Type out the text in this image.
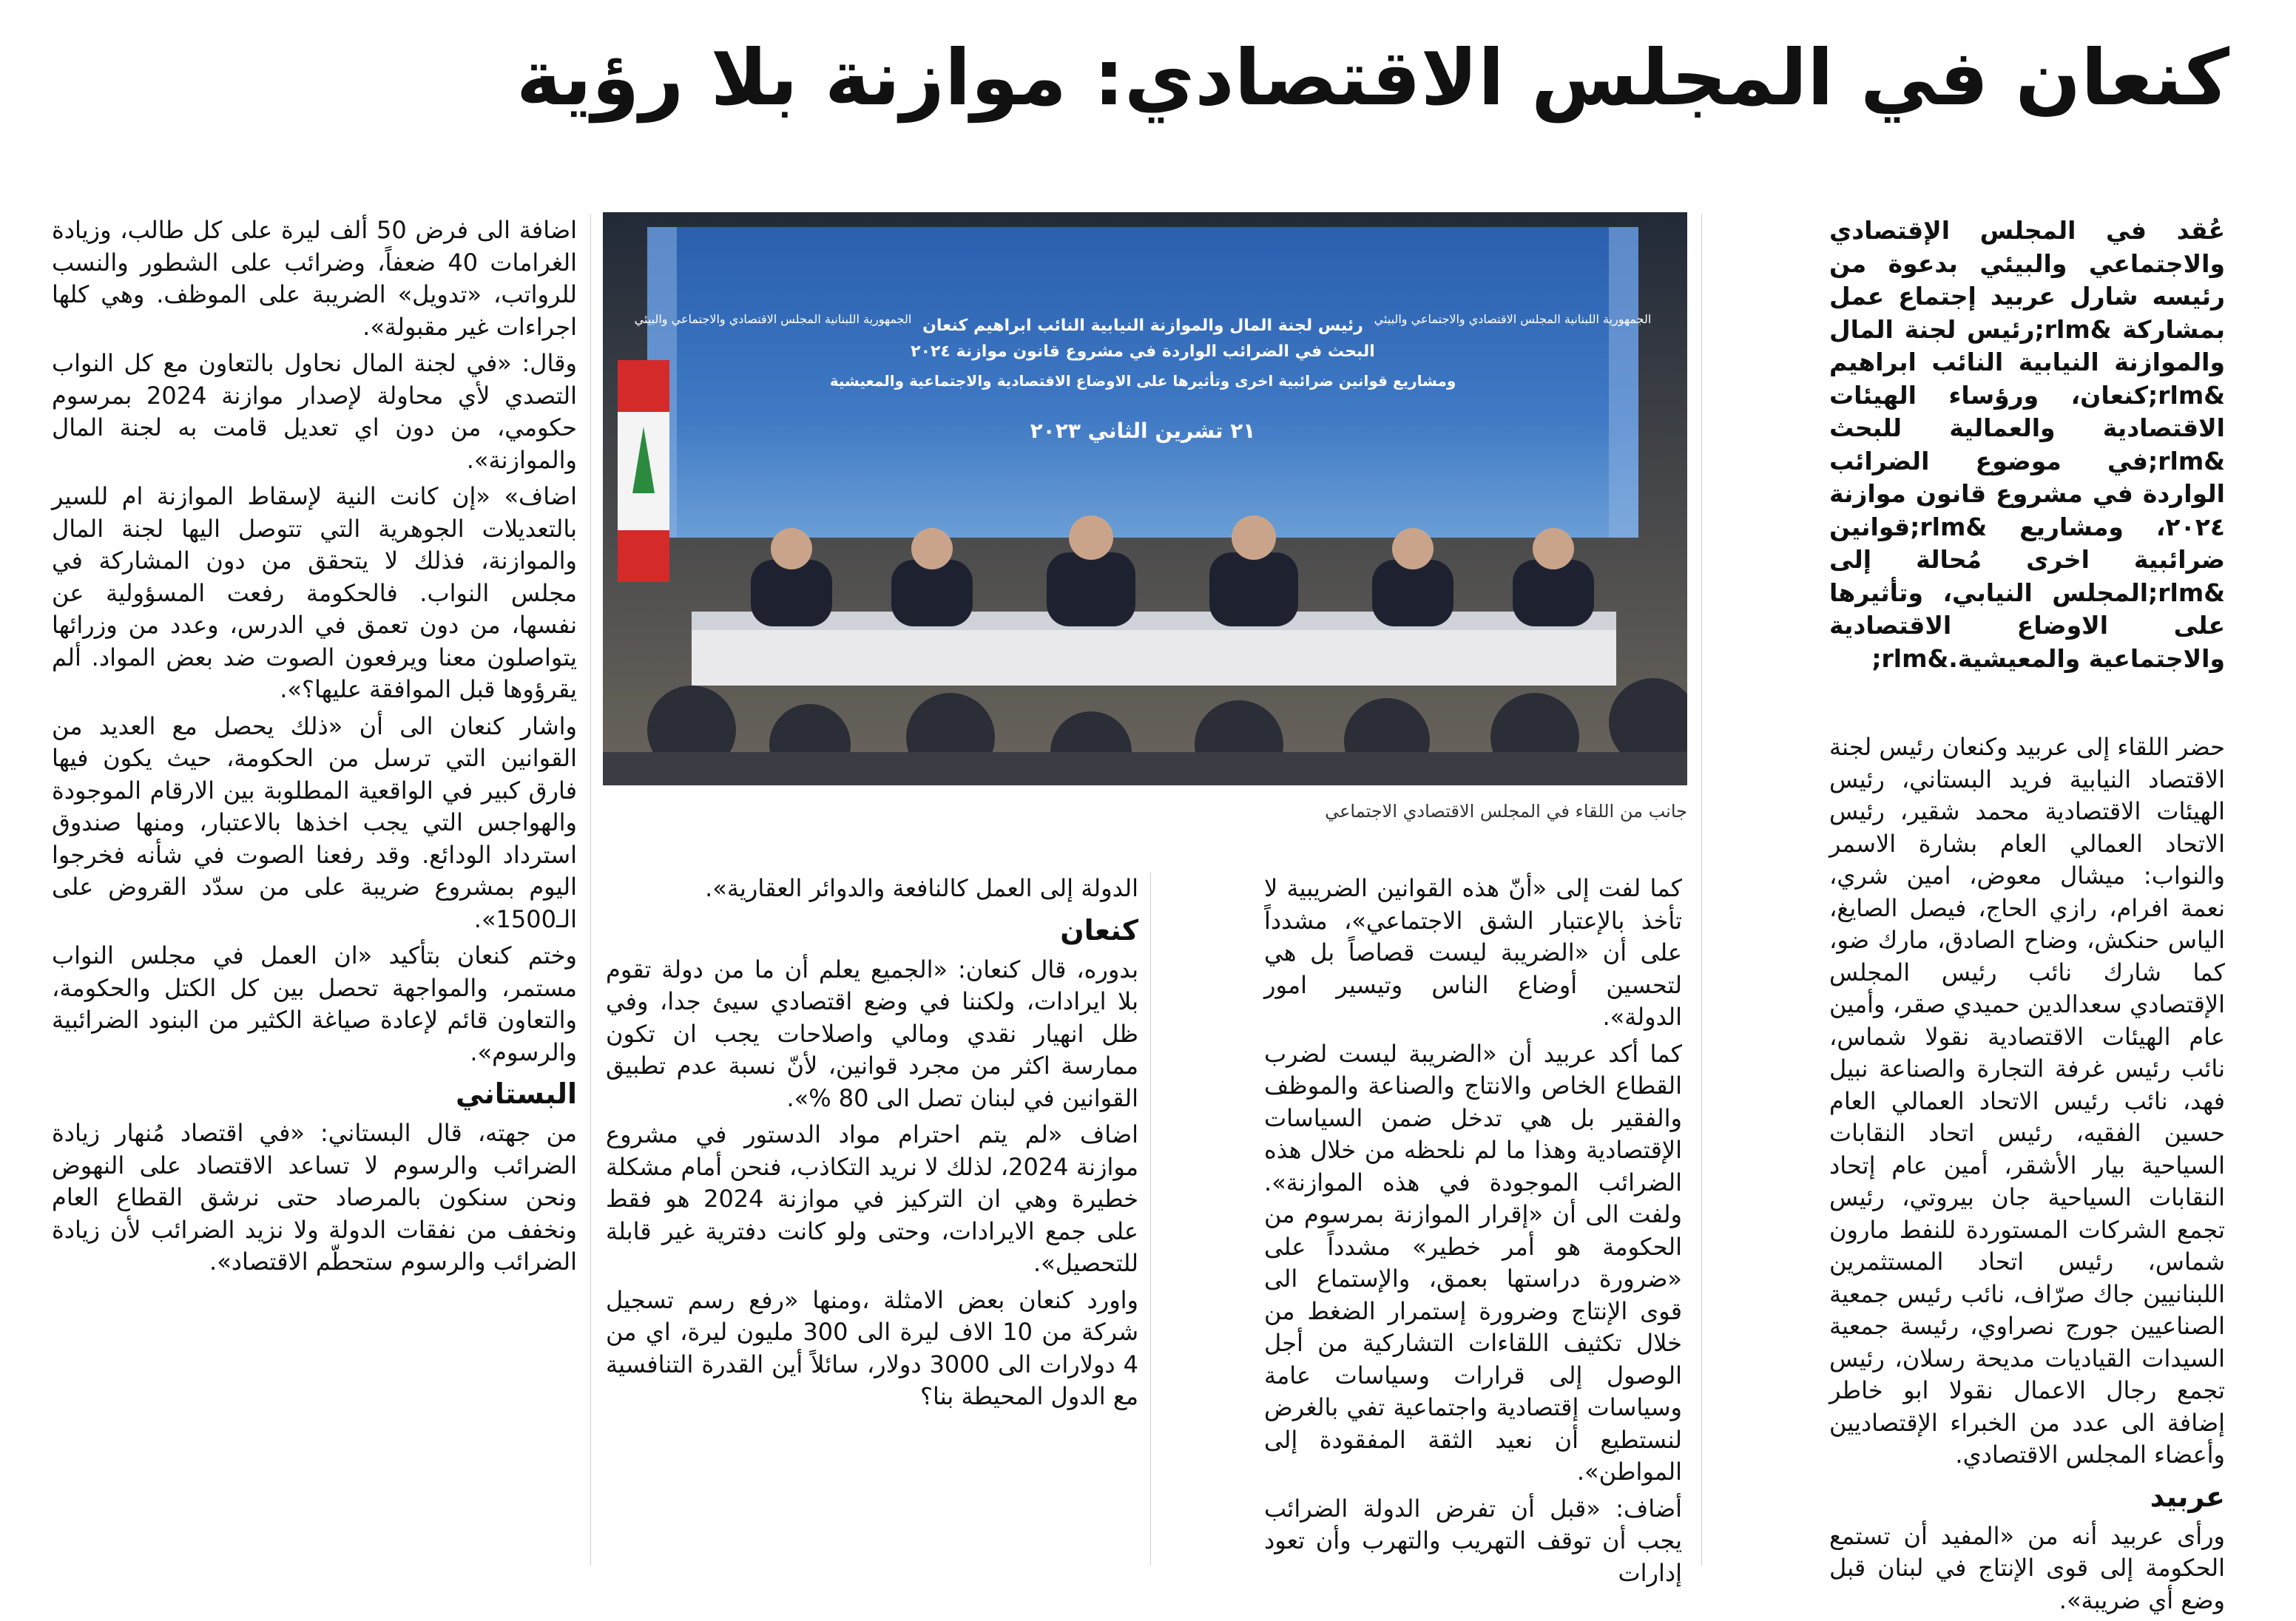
كنعان في المجلس الاقتصادي: موازنة بلا رؤية

عُقد في المجلس الإقتصادي والاجتماعي والبيئي بدعوة من رئيسه شارل عربيد إجتماع عمل بمشاركة &rlm;رئيس لجنة المال والموازنة النيابية النائب ابراهيم &rlm;كنعان، ورؤساء الهيئات الاقتصادية والعمالية للبحث &rlm;في موضوع الضرائب الواردة في مشروع قانون موازنة ٢٠٢٤، ومشاريع &rlm;قوانين ضرائبية اخرى مُحالة إلى &rlm;المجلس النيابي، وتأثيرها على الاوضاع الاقتصادية والاجتماعية والمعيشية.&rlm;

حضر اللقاء إلى عربيد وكنعان رئيس لجنة الاقتصاد النيابية فريد البستاني، رئيس الهيئات الاقتصادية محمد شقير، رئيس الاتحاد العمالي العام بشارة الاسمر والنواب: ميشال معوض، امين شري، نعمة افرام، رازي الحاج، فيصل الصايغ، الياس حنكش، وضاح الصادق، مارك ضو، كما شارك نائب رئيس المجلس الإقتصادي سعدالدين حميدي صقر، وأمين عام الهيئات الاقتصادية نقولا شماس، نائب رئيس غرفة التجارة والصناعة نبيل فهد، نائب رئيس الاتحاد العمالي العام حسين الفقيه، رئيس اتحاد النقابات السياحية بيار الأشقر، أمين عام إتحاد النقابات السياحية جان بيروتي، رئيس تجمع الشركات المستوردة للنفط مارون شماس، رئيس اتحاد المستثمرين اللبنانيين جاك صرّاف، نائب رئيس جمعية الصناعيين جورج نصراوي، رئيسة جمعية السيدات القياديات مديحة رسلان، رئيس تجمع رجال الاعمال نقولا ابو خاطر إضافة الى عدد من الخبراء الإقتصاديين وأعضاء المجلس الاقتصادي.

عربيد

ورأى عربيد أنه من «المفيد أن تستمع الحكومة إلى قوى الإنتاج في لبنان قبل وضع أي ضريبة».

رئيس لجنة المال والموازنة النيابية النائب ابراهيم كنعان
البحث في الضرائب الواردة في مشروع قانون موازنة ٢٠٢٤
ومشاريع قوانين ضرائبية اخرى وتأثيرها على الاوضاع الاقتصادية والاجتماعية والمعيشية
٢١ تشرين الثاني ٢٠٢٣
الجمهورية اللبنانية المجلس الاقتصادي والاجتماعي والبيئي
الجمهورية اللبنانية المجلس الاقتصادي والاجتماعي والبيئي
جانب من اللقاء في المجلس الاقتصادي الاجتماعي

كما لفت إلى «أنّ هذه القوانين الضريبية لا تأخذ بالإعتبار الشق الاجتماعي»، مشدداً على أن «الضريبة ليست قصاصاً بل هي لتحسين أوضاع الناس وتيسير امور الدولة».

كما أكد عربيد أن «الضريبة ليست لضرب القطاع الخاص والانتاج والصناعة والموظف والفقير بل هي تدخل ضمن السياسات الإقتصادية وهذا ما لم نلحظه من خلال هذه الضرائب الموجودة في هذه الموازنة». ولفت الى أن «إقرار الموازنة بمرسوم من الحكومة هو أمر خطير» مشدداً على «ضرورة دراستها بعمق، والإستماع الى قوى الإنتاج وضرورة إستمرار الضغط من خلال تكثيف اللقاءات التشاركية من أجل الوصول إلى قرارات وسياسات عامة وسياسات إقتصادية واجتماعية تفي بالغرض لنستطيع أن نعيد الثقة المفقودة إلى المواطن».

أضاف: «قبل أن تفرض الدولة الضرائب يجب أن توقف التهريب والتهرب وأن تعود إدارات

الدولة إلى العمل كالنافعة والدوائر العقارية».

كنعان

بدوره، قال كنعان: «الجميع يعلم أن ما من دولة تقوم بلا ايرادات، ولكننا في وضع اقتصادي سيئ جدا، وفي ظل انهيار نقدي ومالي واصلاحات يجب ان تكون ممارسة اكثر من مجرد قوانين، لأنّ نسبة عدم تطبيق القوانين في لبنان تصل الى 80 %».

اضاف «لم يتم احترام مواد الدستور في مشروع موازنة 2024، لذلك لا نريد التكاذب، فنحن أمام مشكلة خطيرة وهي ان التركيز في موازنة 2024 هو فقط على جمع الايرادات، وحتى ولو كانت دفترية غير قابلة للتحصيل».

واورد كنعان بعض الامثلة ،ومنها «رفع رسم تسجيل شركة من 10 الاف ليرة الى 300 مليون ليرة، اي من 4 دولارات الى 3000 دولار، سائلاً أين القدرة التنافسية مع الدول المحيطة بنا؟

اضافة الى فرض 50 ألف ليرة على كل طالب، وزيادة الغرامات 40 ضعفاً، وضرائب على الشطور والنسب للرواتب، «تدويل» الضريبة على الموظف. وهي كلها اجراءات غير مقبولة».

وقال: «في لجنة المال نحاول بالتعاون مع كل النواب التصدي لأي محاولة لإصدار موازنة 2024 بمرسوم حكومي، من دون اي تعديل قامت به لجنة المال والموازنة».

اضاف» «إن كانت النية لإسقاط الموازنة ام للسير بالتعديلات الجوهرية التي تتوصل اليها لجنة المال والموازنة، فذلك لا يتحقق من دون المشاركة في مجلس النواب. فالحكومة رفعت المسؤولية عن نفسها، من دون تعمق في الدرس، وعدد من وزرائها يتواصلون معنا ويرفعون الصوت ضد بعض المواد. ألم يقرؤوها قبل الموافقة عليها؟».

واشار كنعان الى أن «ذلك يحصل مع العديد من القوانين التي ترسل من الحكومة، حيث يكون فيها فارق كبير في الواقعية المطلوبة بين الارقام الموجودة والهواجس التي يجب اخذها بالاعتبار، ومنها صندوق استرداد الودائع. وقد رفعنا الصوت في شأنه فخرجوا اليوم بمشروع ضريبة على من سدّد القروض على الـ1500».

وختم كنعان بتأكيد «ان العمل في مجلس النواب مستمر، والمواجهة تحصل بين كل الكتل والحكومة، والتعاون قائم لإعادة صياغة الكثير من البنود الضرائبية والرسوم».

البستاني

من جهته، قال البستاني: «في اقتصاد مُنهار زيادة الضرائب والرسوم لا تساعد الاقتصاد على النهوض ونحن سنكون بالمرصاد حتى نرشق القطاع العام ونخفف من نفقات الدولة ولا نزيد الضرائب لأن زيادة الضرائب والرسوم ستحطّم الاقتصاد».
